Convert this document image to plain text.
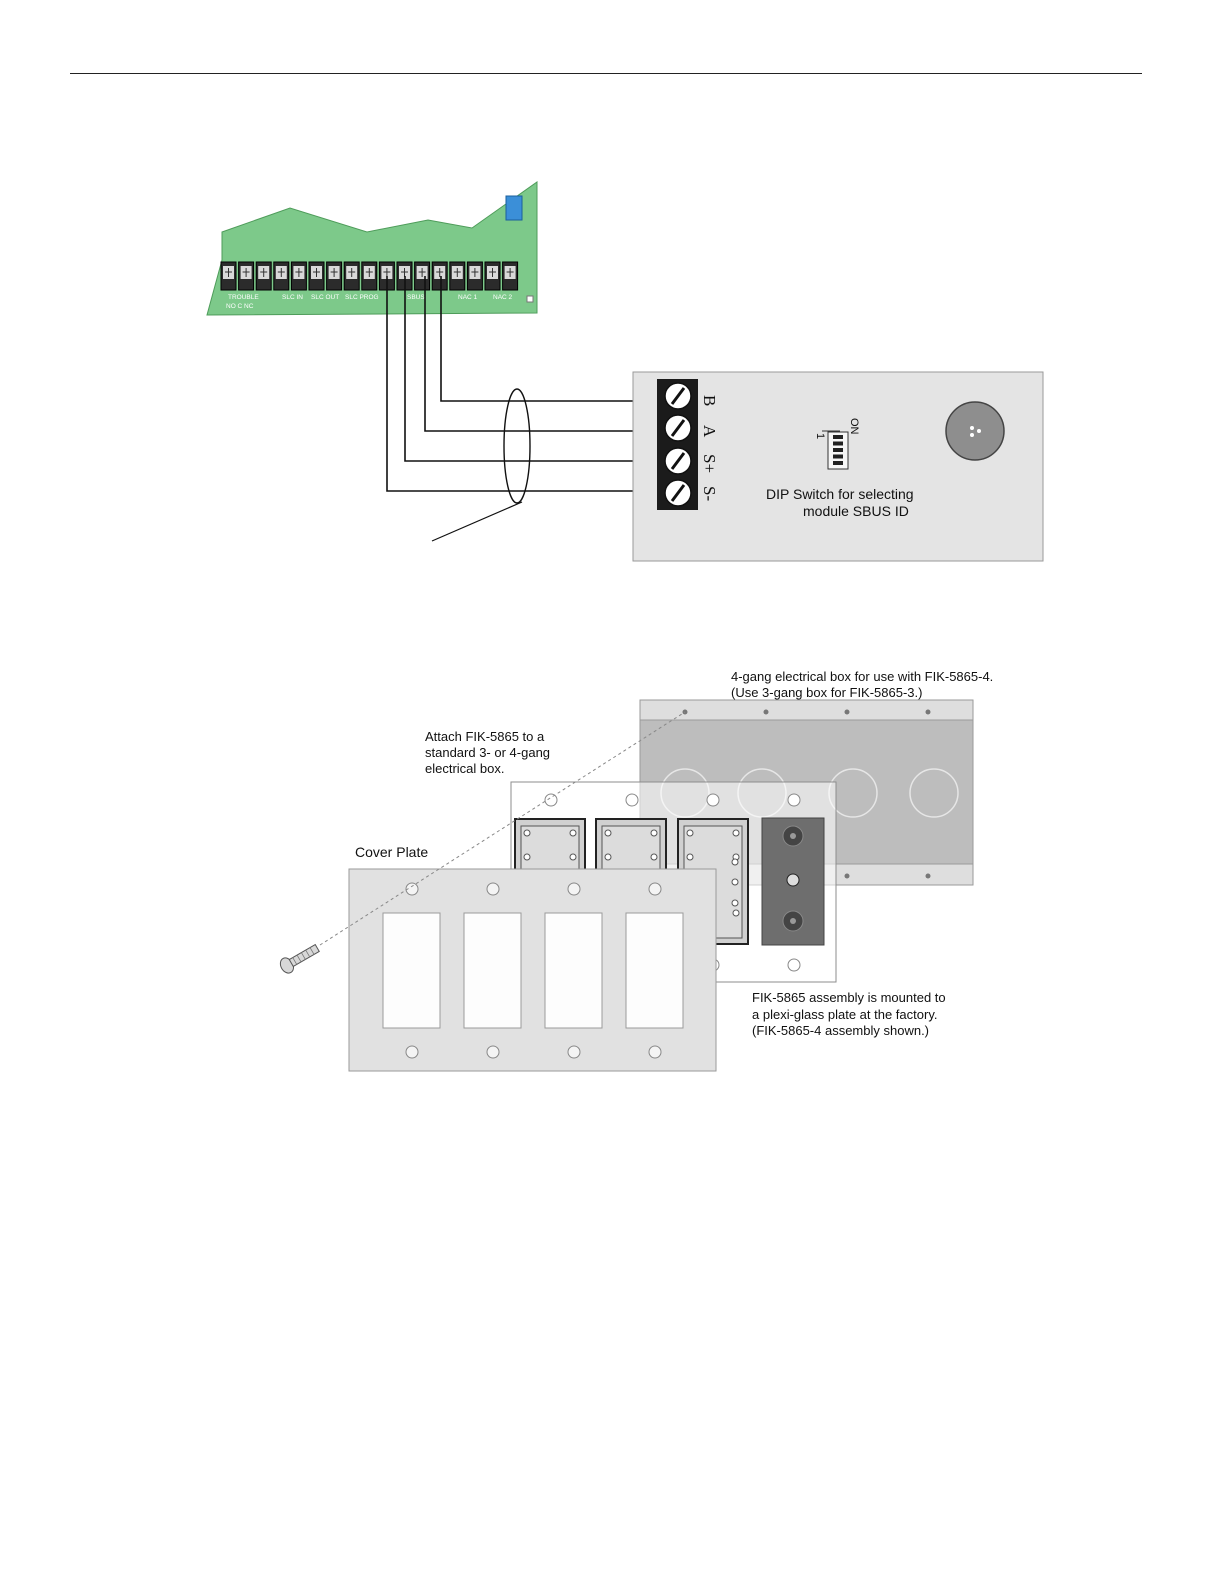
TROUBLE
NO C NC
SLC IN SLC OUT SLC PROG	SBUS	NAC 1 NAC 2
B
A
S+
S-
ON
1
DIP Switch for selecting
module SBUS ID
4-gang electrical box for use with FIK-5865-4.
(Use 3-gang box for FIK-5865-3.)
Attach FIK-5865 to a
standard 3- or 4-gang
electrical box.
Cover Plate
FIK-5865 assembly is mounted to
a plexi-glass plate at the factory.
(FIK-5865-4 assembly shown.)
